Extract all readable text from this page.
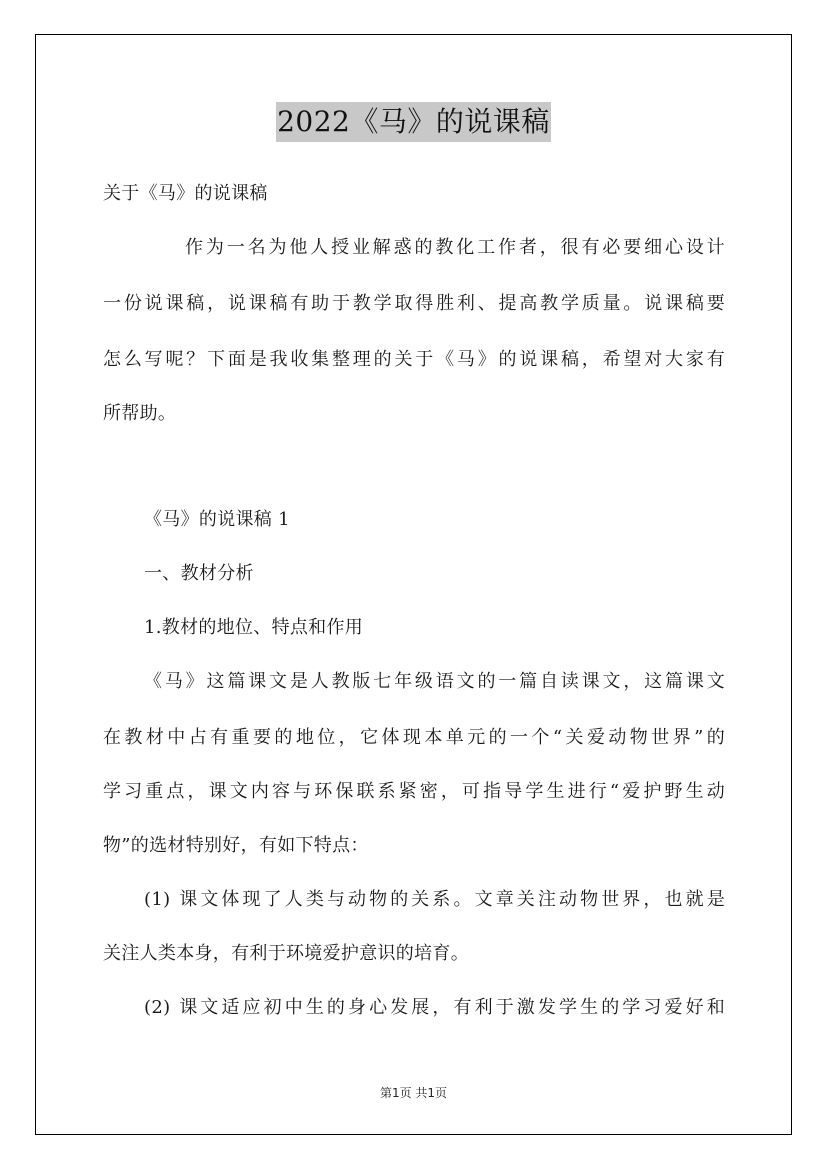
2022《马》的说课稿
关于《马》的说课稿
作为一名为他人授业解惑的教化工作者，很有必要细心设计
一份说课稿，说课稿有助于教学取得胜利、提高教学质量。说课稿要
怎么写呢？下面是我收集整理的关于《马》的说课稿，希望对大家有
所帮助。
《马》的说课稿 1
一、教材分析
1.教材的地位、特点和作用
《马》这篇课文是人教版七年级语文的一篇自读课文，这篇课文
在教材中占有重要的地位，它体现本单元的一个“关爱动物世界”的
学习重点，课文内容与环保联系紧密，可指导学生进行“爱护野生动
物”的选材特别好，有如下特点：
(1) 课文体现了人类与动物的关系。文章关注动物世界，也就是
关注人类本身，有利于环境爱护意识的培育。
(2) 课文适应初中生的身心发展，有利于激发学生的学习爱好和
第1页 共1页
